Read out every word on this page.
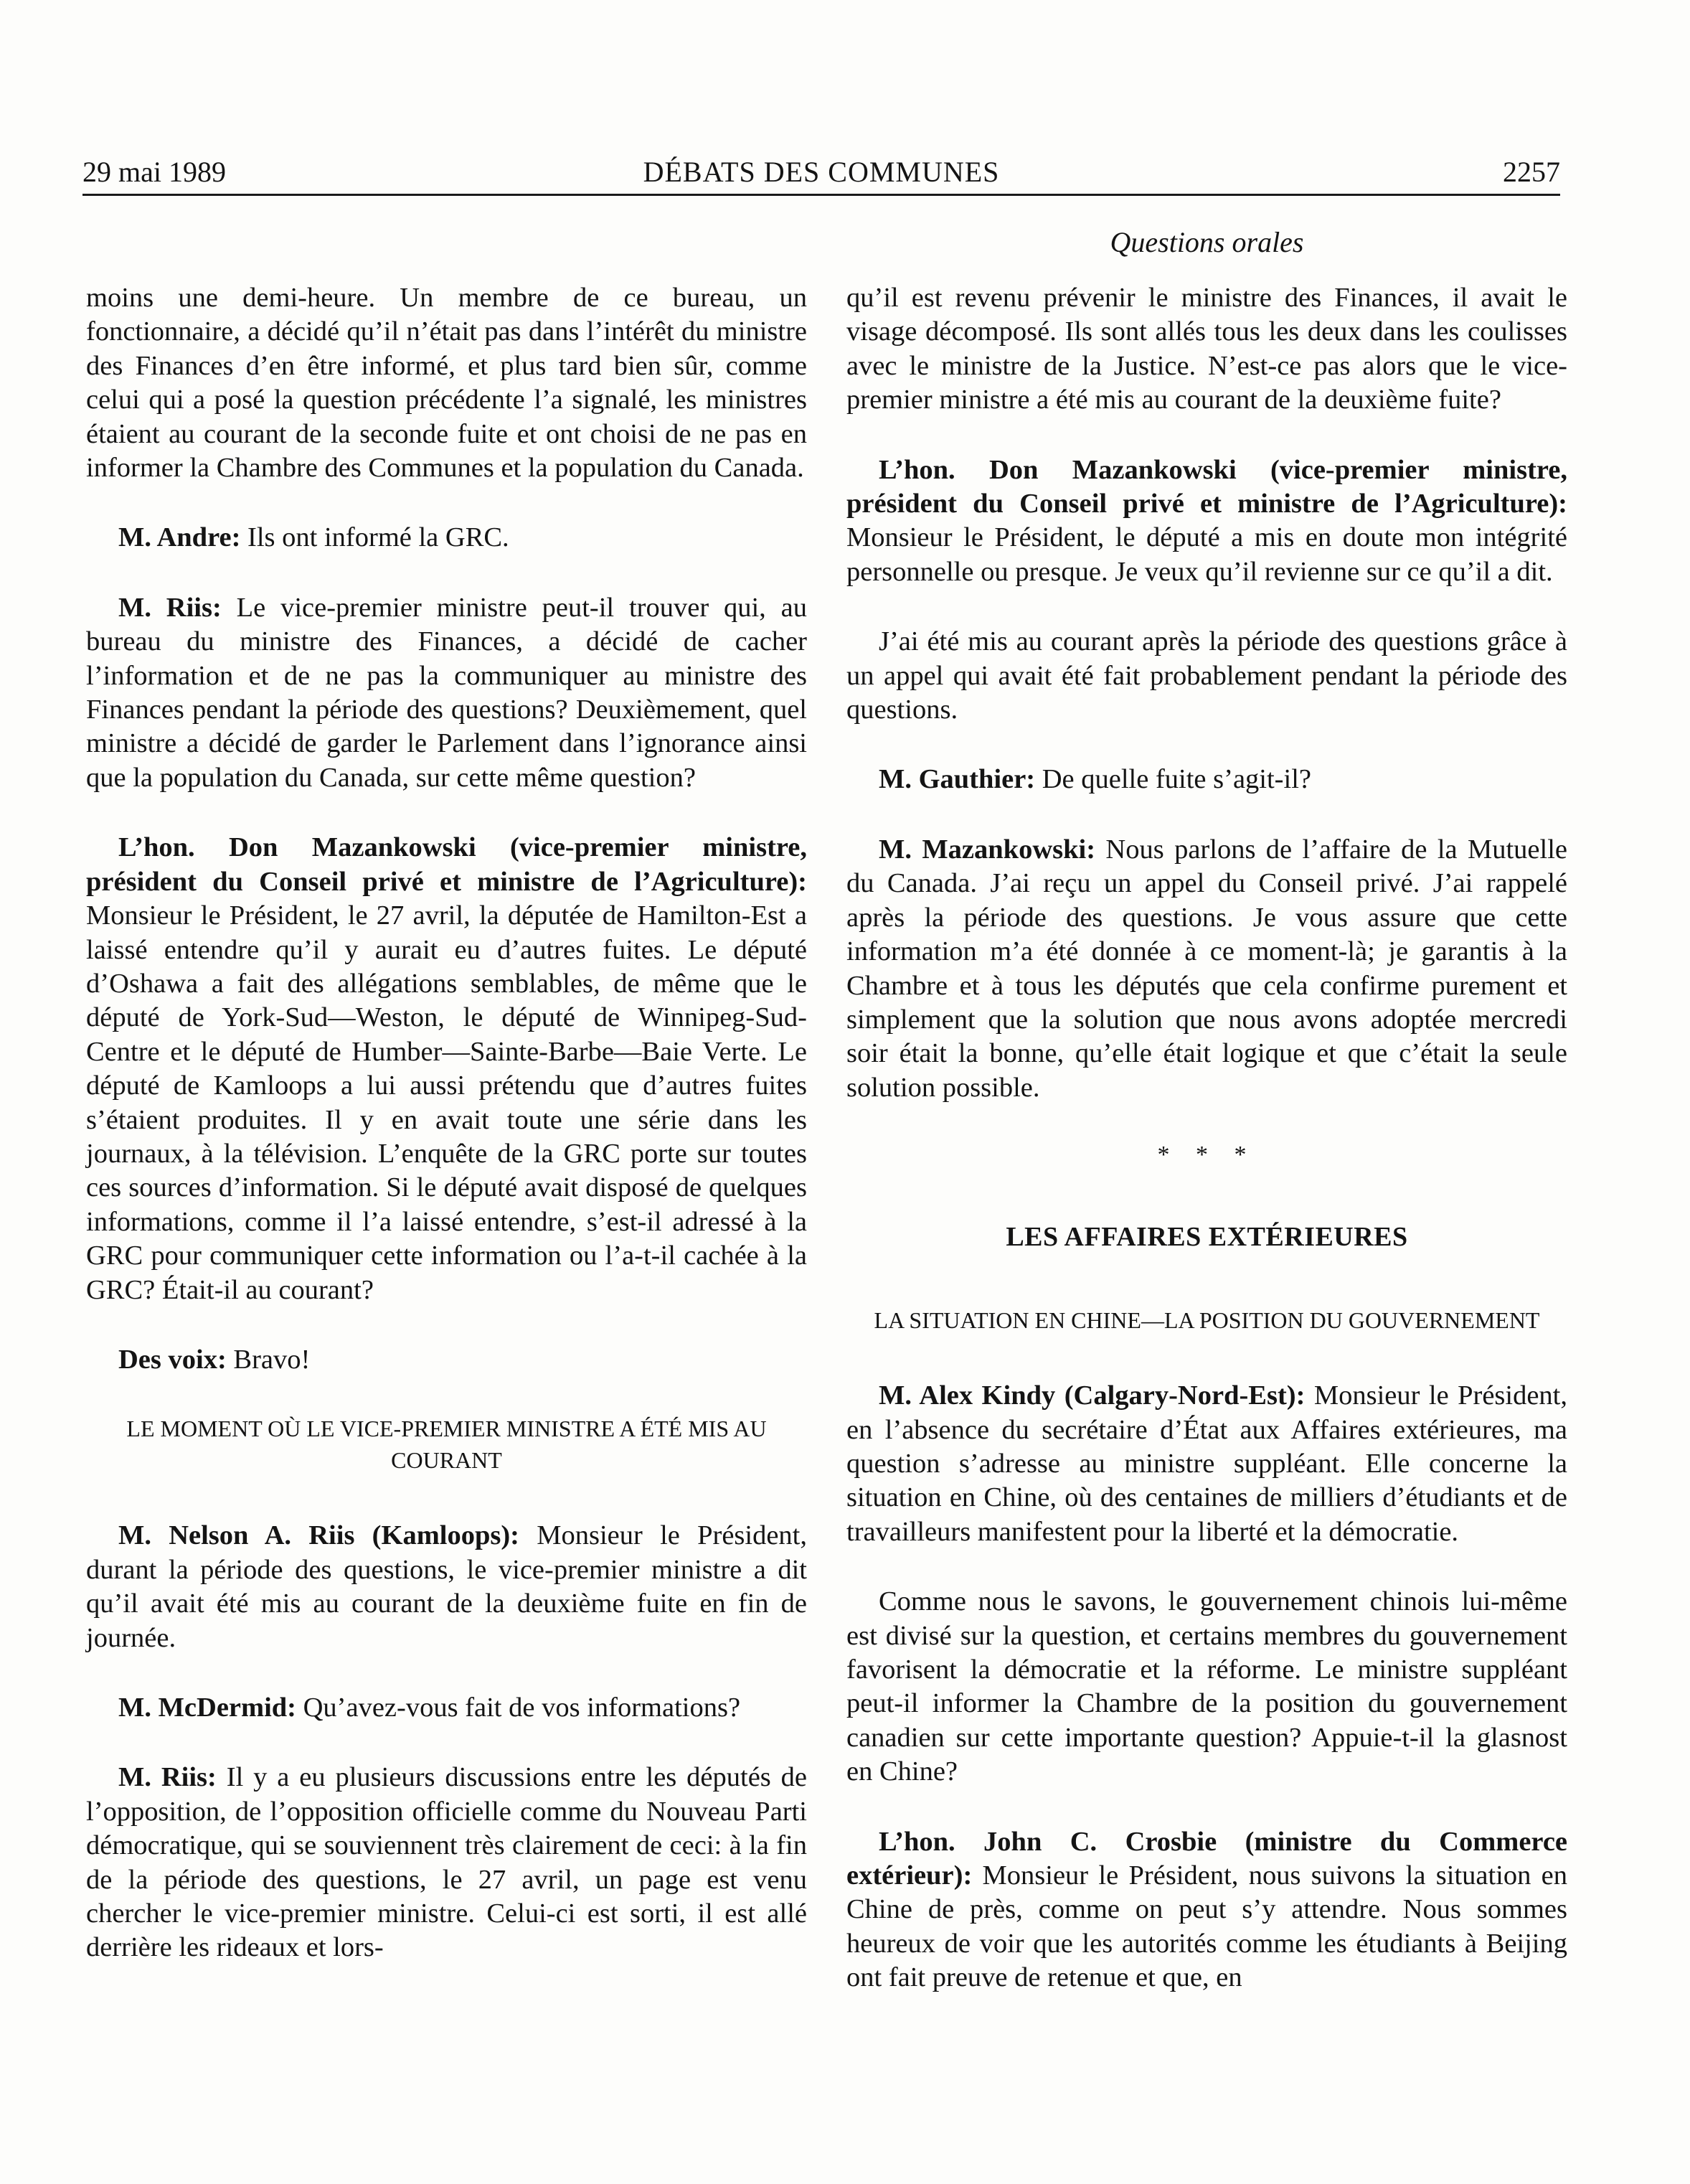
29 mai 1989	DÉBATS DES COMMUNES	2257
Questions orales

moins une demi-heure. Un membre de ce bureau, un fonctionnaire, a décidé qu’il n’était pas dans l’intérêt du ministre des Finances d’en être informé, et plus tard bien sûr, comme celui qui a posé la question précédente l’a signalé, les ministres étaient au courant de la seconde fuite et ont choisi de ne pas en informer la Chambre des Communes et la population du Canada.

M. Andre: Ils ont informé la GRC.

M. Riis: Le vice-premier ministre peut-il trouver qui, au bureau du ministre des Finances, a décidé de cacher l’information et de ne pas la communiquer au ministre des Finances pendant la période des questions? Deuxièmement, quel ministre a décidé de garder le Parlement dans l’ignorance ainsi que la population du Canada, sur cette même question?

L’hon. Don Mazankowski (vice-premier ministre, président du Conseil privé et ministre de l’Agriculture): Monsieur le Président, le 27 avril, la députée de Hamilton-Est a laissé entendre qu’il y aurait eu d’autres fuites. Le député d’Oshawa a fait des allégations semblables, de même que le député de York-Sud—Weston, le député de Winnipeg-Sud-Centre et le député de Humber—Sainte-Barbe—Baie Verte. Le député de Kamloops a lui aussi prétendu que d’autres fuites s’étaient produites. Il y en avait toute une série dans les journaux, à la télévision. L’enquête de la GRC porte sur toutes ces sources d’information. Si le député avait disposé de quelques informations, comme il l’a laissé entendre, s’est-il adressé à la GRC pour communiquer cette information ou l’a-t-il cachée à la GRC? Était-il au courant?

Des voix: Bravo!

LE MOMENT OÙ LE VICE-PREMIER MINISTRE A ÉTÉ MIS AU COURANT

M. Nelson A. Riis (Kamloops): Monsieur le Président, durant la période des questions, le vice-premier ministre a dit qu’il avait été mis au courant de la deuxième fuite en fin de journée.

M. McDermid: Qu’avez-vous fait de vos informations?

M. Riis: Il y a eu plusieurs discussions entre les députés de l’opposition, de l’opposition officielle comme du Nouveau Parti démocratique, qui se souviennent très clairement de ceci: à la fin de la période des questions, le 27 avril, un page est venu chercher le vice-premier ministre. Celui-ci est sorti, il est allé derrière les rideaux et lors-

qu’il est revenu prévenir le ministre des Finances, il avait le visage décomposé. Ils sont allés tous les deux dans les coulisses avec le ministre de la Justice. N’est-ce pas alors que le vice-premier ministre a été mis au courant de la deuxième fuite?

L’hon. Don Mazankowski (vice-premier ministre, président du Conseil privé et ministre de l’Agriculture): Monsieur le Président, le député a mis en doute mon intégrité personnelle ou presque. Je veux qu’il revienne sur ce qu’il a dit.

J’ai été mis au courant après la période des questions grâce à un appel qui avait été fait probablement pendant la période des questions.

M. Gauthier: De quelle fuite s’agit-il?

M. Mazankowski: Nous parlons de l’affaire de la Mutuelle du Canada. J’ai reçu un appel du Conseil privé. J’ai rappelé après la période des questions. Je vous assure que cette information m’a été donnée à ce moment-là; je garantis à la Chambre et à tous les députés que cela confirme purement et simplement que la solution que nous avons adoptée mercredi soir était la bonne, qu’elle était logique et que c’était la seule solution possible.

* * *
LES AFFAIRES EXTÉRIEURES
LA SITUATION EN CHINE—LA POSITION DU GOUVERNEMENT

M. Alex Kindy (Calgary-Nord-Est): Monsieur le Président, en l’absence du secrétaire d’État aux Affaires extérieures, ma question s’adresse au ministre suppléant. Elle concerne la situation en Chine, où des centaines de milliers d’étudiants et de travailleurs manifestent pour la liberté et la démocratie.

Comme nous le savons, le gouvernement chinois lui-même est divisé sur la question, et certains membres du gouvernement favorisent la démocratie et la réforme. Le ministre suppléant peut-il informer la Chambre de la position du gouvernement canadien sur cette importante question? Appuie-t-il la glasnost en Chine?

L’hon. John C. Crosbie (ministre du Commerce extérieur): Monsieur le Président, nous suivons la situation en Chine de près, comme on peut s’y attendre. Nous sommes heureux de voir que les autorités comme les étudiants à Beijing ont fait preuve de retenue et que, en
